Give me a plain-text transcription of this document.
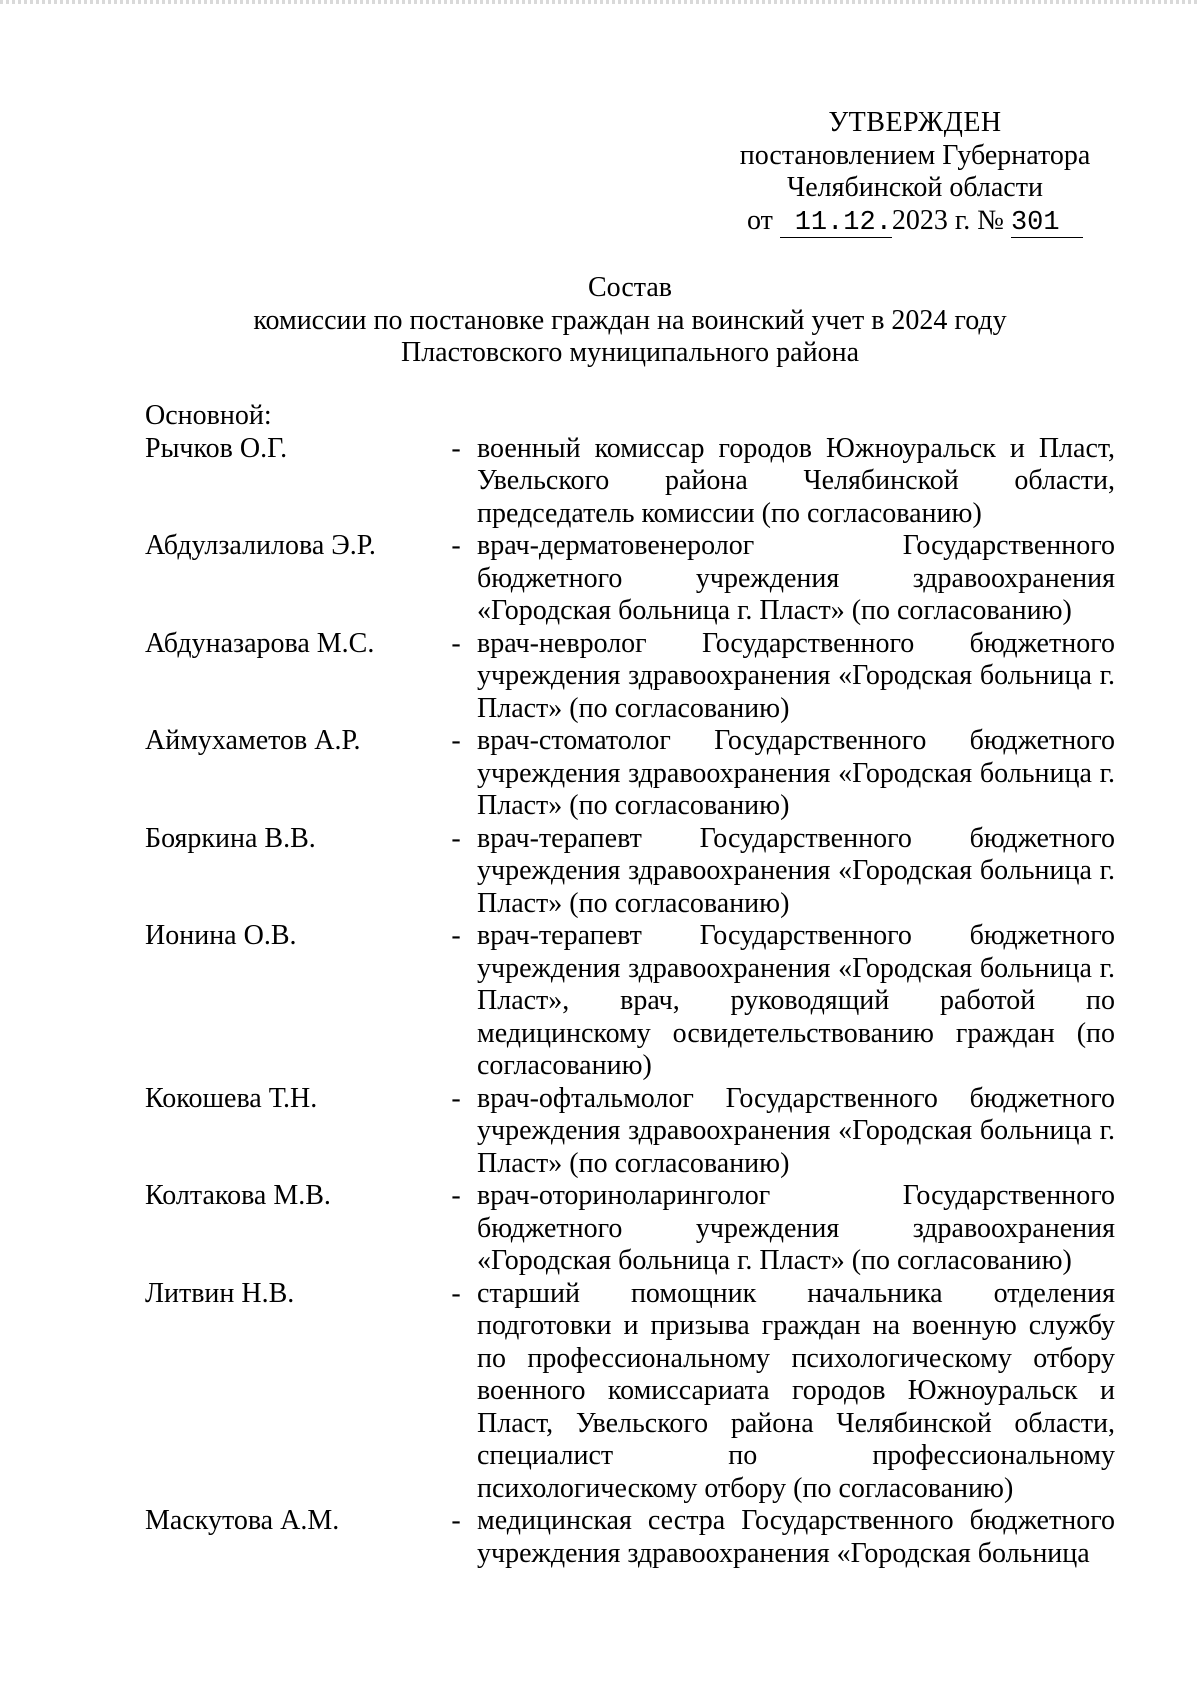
УТВЕРЖДЕН
постановлением Губернатора
Челябинской области
от 11.12.2023 г. № 301
Состав
комиссии по постановке граждан на воинский учет в 2024 году
Пластовского муниципального района
Основной:
Рычков О.Г.	- военный комиссар городов Южноуральск и Пласт, Увельского района Челябинской области, председатель комиссии (по согласованию)
Абдулзалилова Э.Р.	- врач-дерматовенеролог Государственного бюджетного учреждения здравоохранения «Городская больница г. Пласт» (по согласованию)
Абдуназарова М.С.	- врач-невролог Государственного бюджетного учреждения здравоохранения «Городская больница г. Пласт» (по согласованию)
Аймухаметов А.Р.	- врач-стоматолог Государственного бюджетного учреждения здравоохранения «Городская больница г. Пласт» (по согласованию)
Бояркина В.В.	- врач-терапевт Государственного бюджетного учреждения здравоохранения «Городская больница г. Пласт» (по согласованию)
Ионина О.В.	- врач-терапевт Государственного бюджетного учреждения здравоохранения «Городская больница г. Пласт», врач, руководящий работой по медицинскому освидетельствованию граждан (по согласованию)
Кокошева Т.Н.	- врач-офтальмолог Государственного бюджетного учреждения здравоохранения «Городская больница г. Пласт» (по согласованию)
Колтакова М.В.	- врач-оториноларинголог Государственного бюджетного учреждения здравоохранения «Городская больница г. Пласт» (по согласованию)
Литвин Н.В.	- старший помощник начальника отделения подготовки и призыва граждан на военную службу по профессиональному психологическому отбору военного комиссариата городов Южноуральск и Пласт, Увельского района Челябинской области, специалист по профессиональному психологическому отбору (по согласованию)
Маскутова А.М.	- медицинская сестра Государственного бюджетного учреждения здравоохранения «Городская больница
